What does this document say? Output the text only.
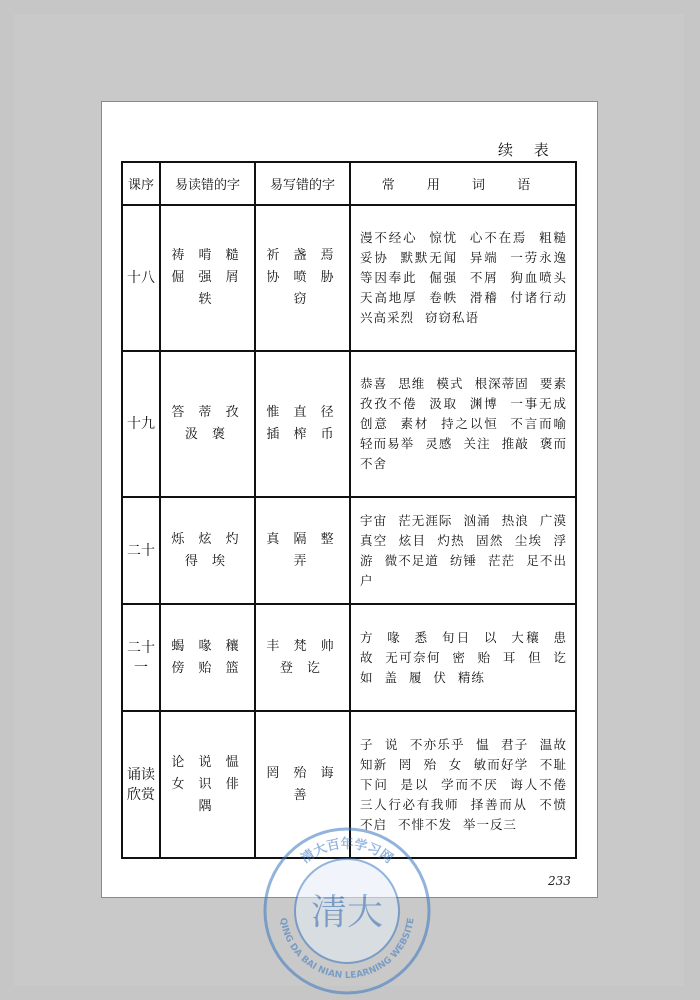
续 表
课序	易读错的字	易写错的字	常 用 词 语
十八	祷 啃 糙 倔 强 屑 轶	祈 盏 焉 协 喷 胁 窃	漫不经心 惊忧 心不在焉 粗糙 妥协 默默无闻 异端 一劳永逸 等因奉此 倔强 不屑 狗血喷头 天高地厚 卷帙 滑稽 付诸行动 兴高采烈 窃窃私语
十九	答 蒂 孜 汲 褒	惟 直 径 插 榨 币	恭喜 思维 模式 根深蒂固 要素 孜孜不倦 汲取 渊博 一事无成 创意 素材 持之以恒 不言而喻 轻而易举 灵感 关注 推敲 褒而不舍
二十	烁 炫 灼 得 埃	真 隔 整 弄	宇宙 茫无涯际 汹涌 热浪 广漠 真空 炫目 灼热 固然 尘埃 浮游 微不足道 纺锤 茫茫 足不出户
二十一	蝎 喙 穰 傍 贻 篮	丰 梵 帅 登 讫	方 喙 悉 旬日 以 大穰 患 故 无可奈何 密 贻 耳 但 讫 如 盖 履 伏 精练
诵读欣赏	论 说 愠 女 识 俳 隅	罔 殆 诲 善	子 说 不亦乐乎 愠 君子 温故知新 罔 殆 女 敏而好学 不耻下问 是以 学而不厌 诲人不倦 三人行必有我师 择善而从 不愤不启 不悱不发 举一反三
233
清大百年学习网
QING DA BAI NIAN LEARNING WEBSITE
清大
